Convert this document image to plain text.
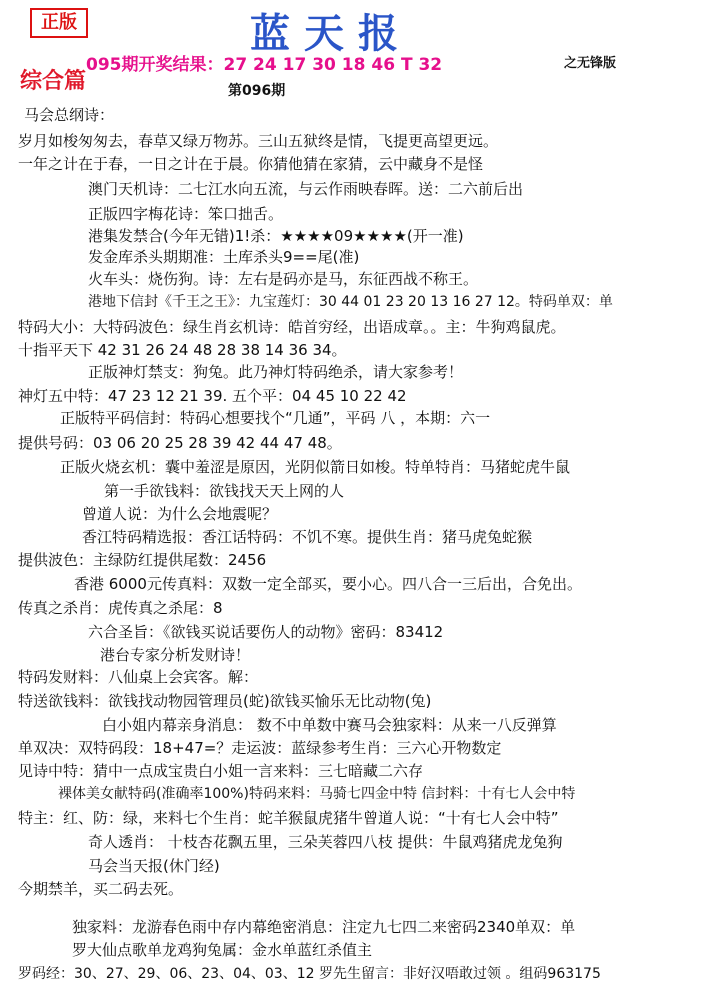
正版	蓝天报
095期开奖结果：27 24 17 30 18 46 T 32	之无锋版
综合篇	第096期
马会总纲诗：
岁月如梭匆匆去，春草又绿万物苏。三山五狱终是情，飞提更高望更远。
一年之计在于春，一日之计在于晨。你猜他猜在家猜，云中藏身不是怪
澳门天机诗：二七江水向五流，与云作雨映春晖。送：二六前后出
正版四字梅花诗：笨口拙舌。
港集发禁合(今年无错)1!杀：★★★★09★★★★(开一准)
发金库杀头期期准：土库杀头9==尾(准)
火车头：烧伤狗。诗：左右是码亦是马，东征西战不称王。
港地下信封《千王之王》：九宝莲灯：30 44 01 23 20 13 16 27 12。特码单双：单
特码大小：大特码波色：绿生肖玄机诗：皓首穷经，出语成章。。主：牛狗鸡鼠虎。
十指平天下 42 31 26 24 48 28 38 14 36 34。
正版神灯禁支：狗兔。此乃神灯特码绝杀，请大家参考！
神灯五中特：47 23 12 21 39. 五个平：04 45 10 22 42
正版特平码信封：特码心想要找个“几通”，平码 八 ，本期：六一
提供号码：03 06 20 25 28 39 42 44 47 48。
正版火烧玄机：囊中羞涩是原因，光阴似箭日如梭。特单特肖：马猪蛇虎牛鼠
第一手欲钱料：欲钱找天天上网的人
曾道人说：为什么会地震呢？
香江特码精选报：香江话特码：不饥不寒。提供生肖：猪马虎兔蛇猴
提供波色：主绿防红提供尾数：2456
香港 6000元传真料：双数一定全部买，要小心。四八合一三后出，合免出。
传真之杀肖：虎传真之杀尾：8
六合圣旨：《欲钱买说话要伤人的动物》密码：83412
港台专家分析发财诗！
特码发财料：八仙桌上会宾客。解：
特送欲钱料：欲钱找动物园管理员(蛇)欲钱买愉乐无比动物(兔)
白小姐内幕亲身消息： 数不中单数中赛马会独家料：从来一八反弹算
单双决：双特码段：18+47=？走运波：蓝绿参考生肖：三六心开物数定
见诗中特：猜中一点成宝贵白小姐一言来料：三七暗藏二六存
裸体美女献特码(准确率100%)特码来料：马骑七四金中特 信封料：十有七人会中特
特主：红、防：绿，来料七个生肖：蛇羊猴鼠虎猪牛曾道人说：“十有七人会中特”
奇人透肖： 十枝杏花飘五里，三朵芙蓉四八枝 提供：牛鼠鸡猪虎龙兔狗
马会当天报(休门经)
今期禁羊，买二码去死。
独家料：龙游春色雨中存内幕绝密消息：注定九七四二来密码2340单双：单
罗大仙点歌单龙鸡狗兔属：金水单蓝红杀值主
罗码经：30、27、29、06、23、04、03、12 罗先生留言：非好汉唔敢过领 。组码963175
